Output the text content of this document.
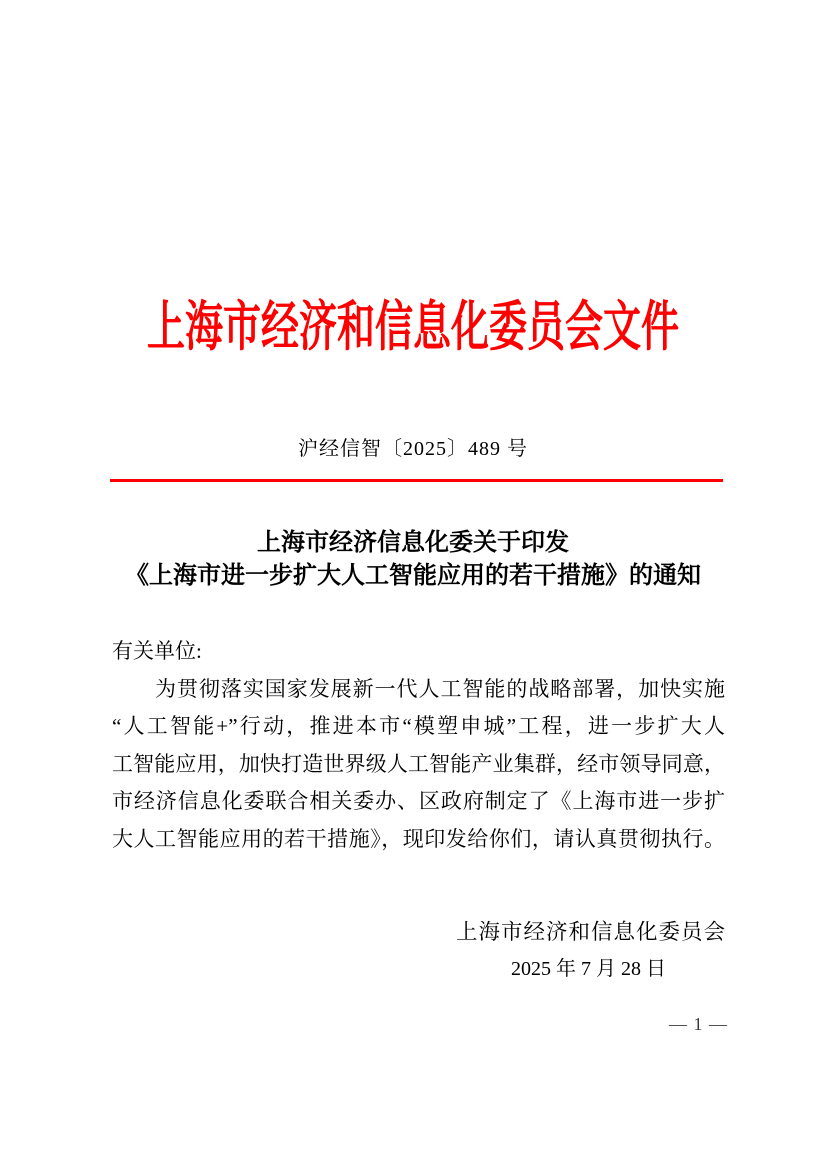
上海市经济和信息化委员会文件
沪经信智〔2025〕489 号
上海市经济信息化委关于印发
《上海市进一步扩大人工智能应用的若干措施》的通知
有关单位:
为贯彻落实国家发展新一代人工智能的战略部署，加快实施
“人工智能+”行动，推进本市“模塑申城”工程，进一步扩大人
工智能应用，加快打造世界级人工智能产业集群，经市领导同意，
市经济信息化委联合相关委办、区政府制定了《上海市进一步扩
大人工智能应用的若干措施》，现印发给你们，请认真贯彻执行。
上海市经济和信息化委员会
2025 年 7 月 28 日
— 1 —
